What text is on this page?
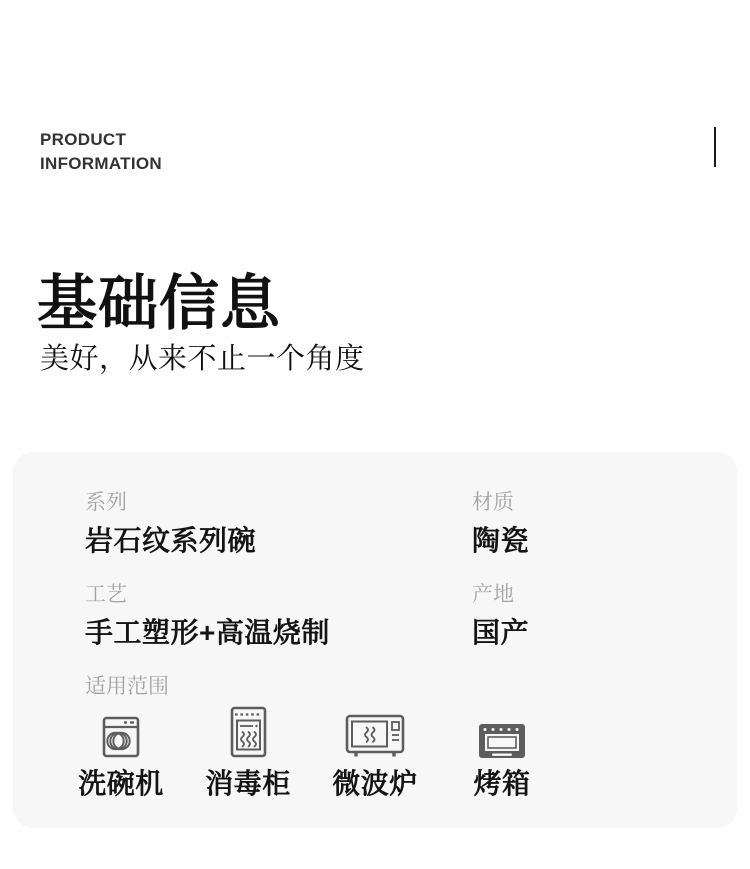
PRODUCT
INFORMATION
基础信息
美好，从来不止一个角度
系列
岩石纹系列碗
材质
陶瓷
工艺
手工塑形+高温烧制
产地
国产
适用范围
洗碗机 消毒柜 微波炉 烤箱
